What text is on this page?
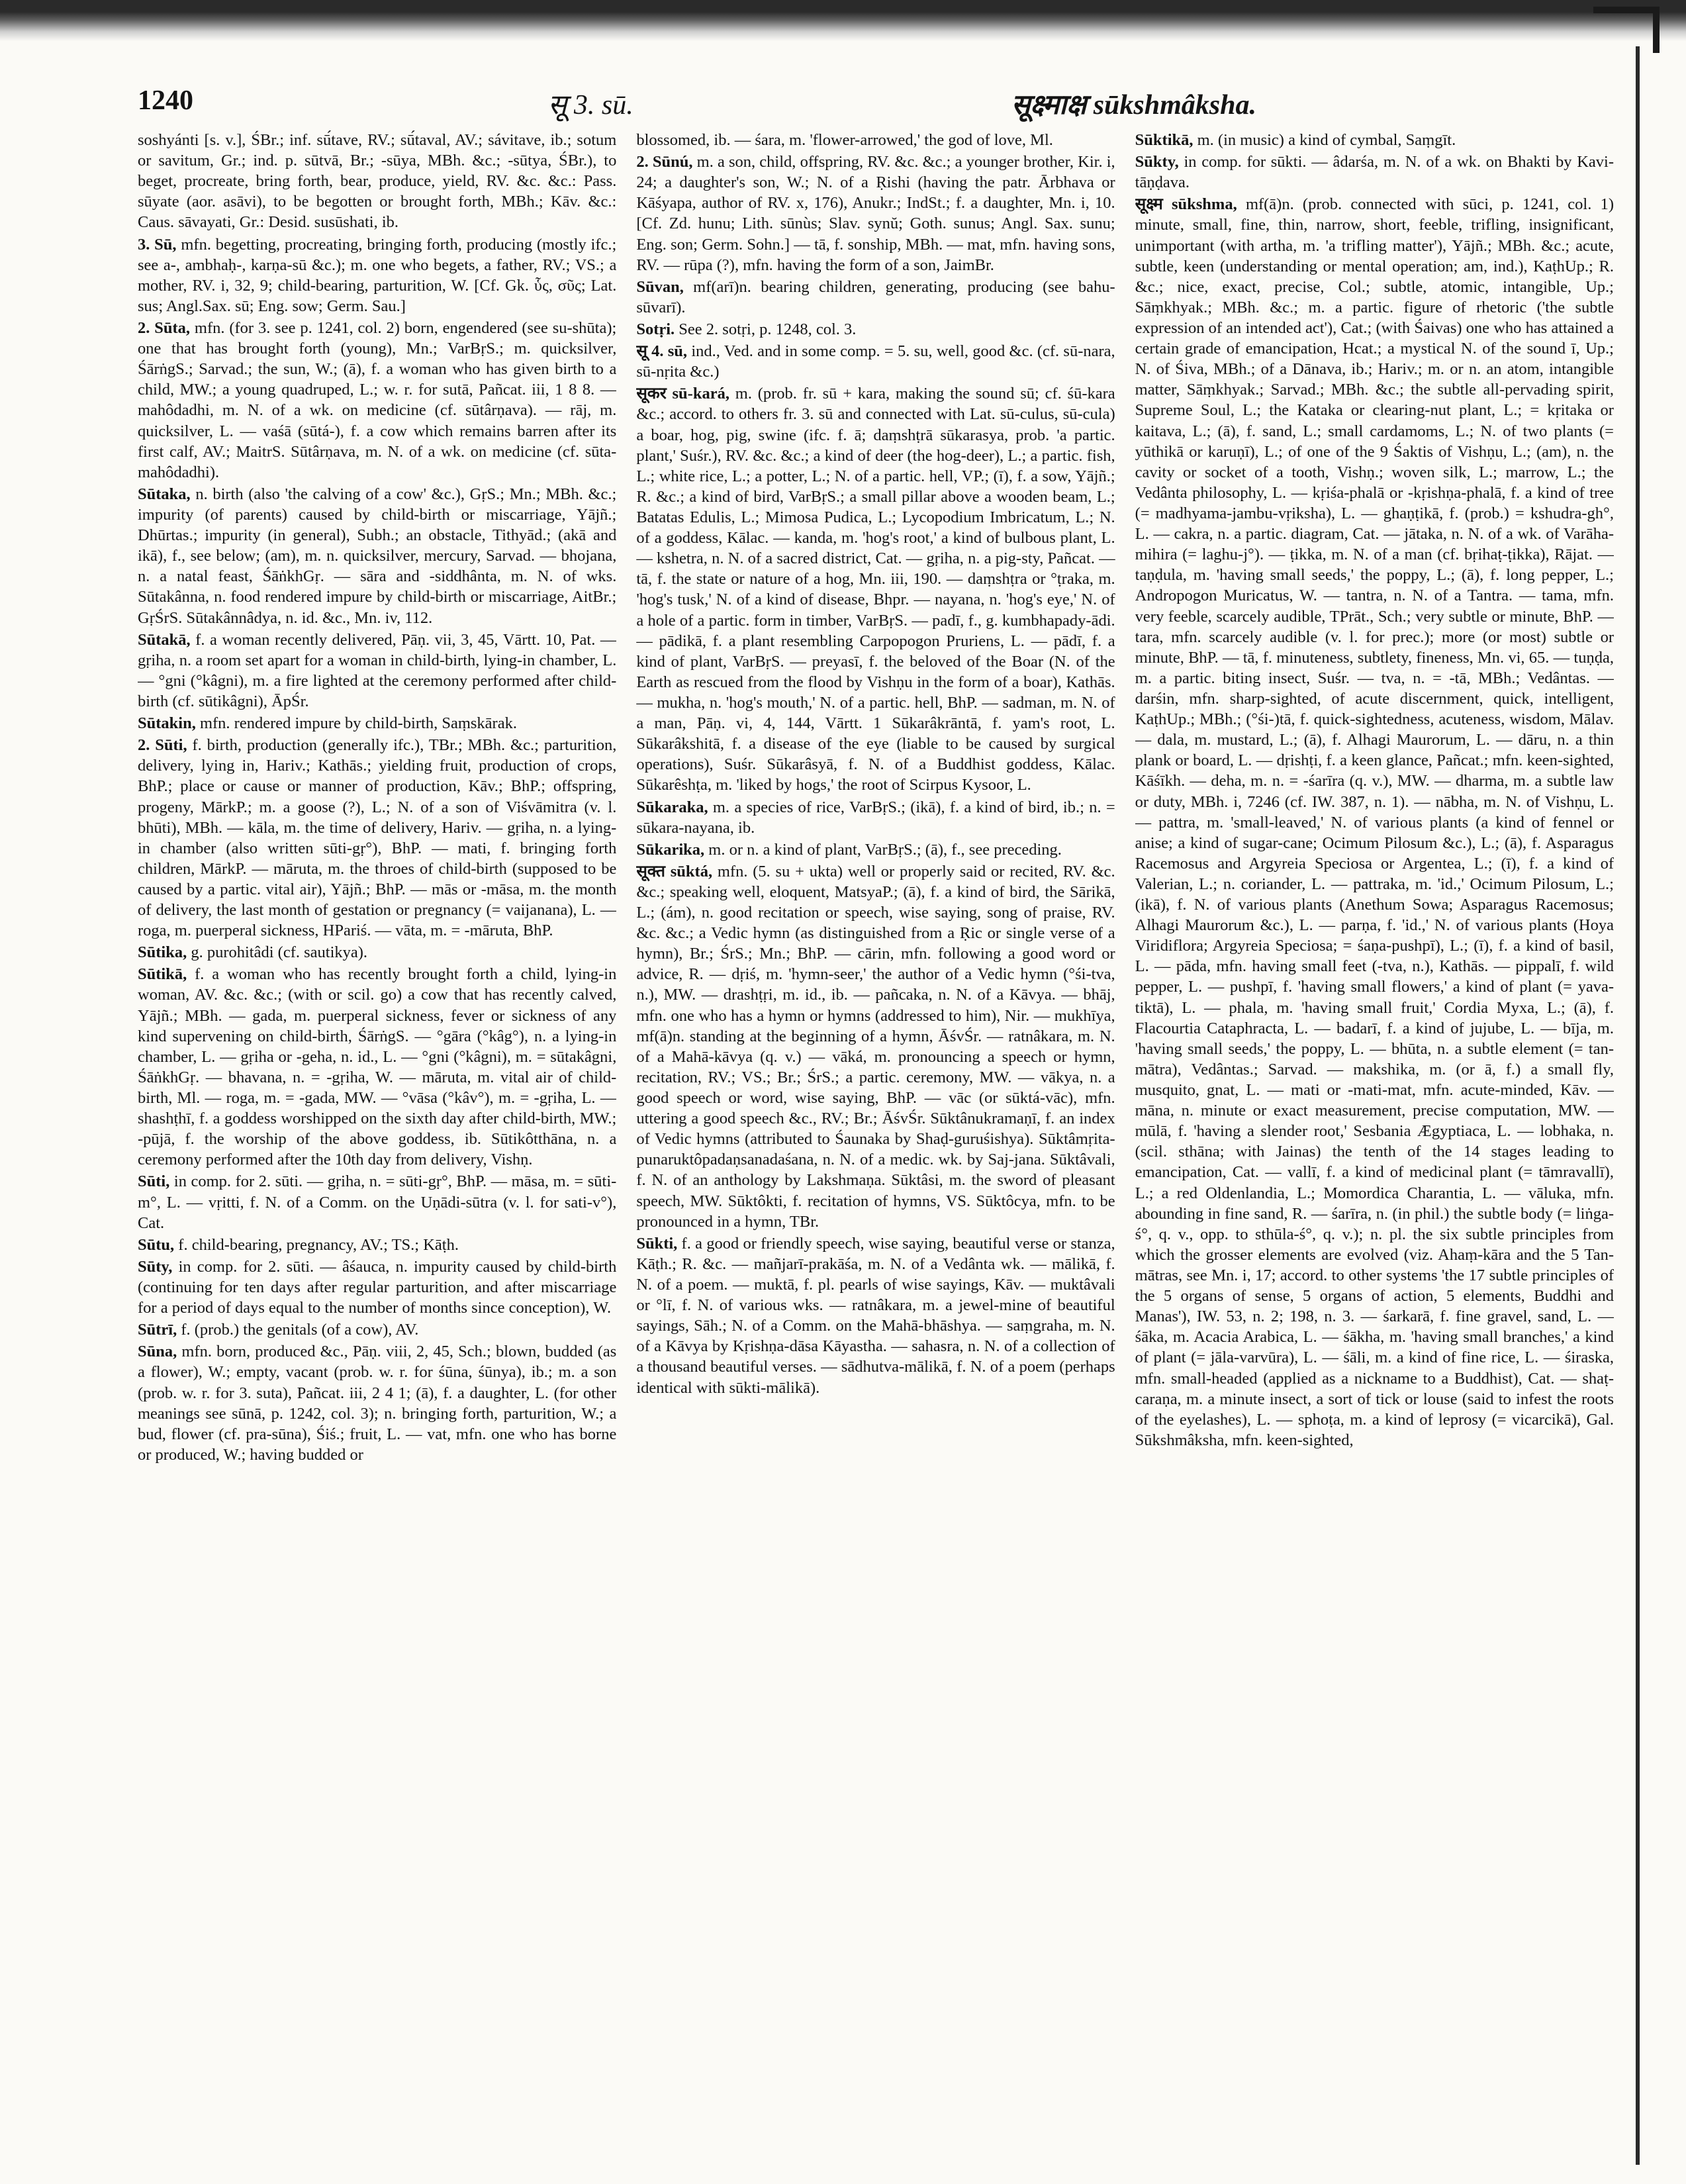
1240	सू 3. sū.	सूक्ष्माक्ष sūkshmâksha.

soshyánti [s. v.], ŚBr.; inf. sū́tave, RV.; sū́taval, AV.; sávitave, ib.; sotum or savitum, Gr.; ind. p. sūtvā, Br.; -sūya, MBh. &c.; -sūtya, ŚBr.), to beget, procreate, bring forth, bear, produce, yield, RV. &c. &c.: Pass. sūyate (aor. asāvi), to be begotten or brought forth, MBh.; Kāv. &c.: Caus. sāvayati, Gr.: Desid. susūshati, ib.

3. Sū, mfn. begetting, procreating, bringing forth, producing (mostly ifc.; see a-, ambhaḥ-, karṇa-sū &c.); m. one who begets, a father, RV.; VS.; a mother, RV. i, 32, 9; child-bearing, parturition, W. [Cf. Gk. ὗς, σῦς; Lat. sus; Angl.Sax. sū; Eng. sow; Germ. Sau.]

2. Sūta, mfn. (for 3. see p. 1241, col. 2) born, engendered (see su-shūta); one that has brought forth (young), Mn.; VarBṛS.; m. quicksilver, ŚārṅgS.; Sarvad.; the sun, W.; (ā), f. a woman who has given birth to a child, MW.; a young quadruped, L.; w. r. for sutā, Pañcat. iii, 1 8 8. — mahôdadhi, m. N. of a wk. on medicine (cf. sūtârṇava). — rāj, m. quicksilver, L. — vaśā (sūtá-), f. a cow which remains barren after its first calf, AV.; MaitrS. Sūtârṇava, m. N. of a wk. on medicine (cf. sūta-mahôdadhi).

Sūtaka, n. birth (also 'the calving of a cow' &c.), GṛS.; Mn.; MBh. &c.; impurity (of parents) caused by child-birth or miscarriage, Yājñ.; Dhūrtas.; impurity (in general), Subh.; an obstacle, Tithyād.; (akā and ikā), f., see below; (am), m. n. quicksilver, mercury, Sarvad. — bhojana, n. a natal feast, ŚāṅkhGṛ. — sāra and -siddhânta, m. N. of wks. Sūtakânna, n. food rendered impure by child-birth or miscarriage, AitBr.; GṛŚrS. Sūtakânnâdya, n. id. &c., Mn. iv, 112.

Sūtakā, f. a woman recently delivered, Pāṇ. vii, 3, 45, Vārtt. 10, Pat. — gṛiha, n. a room set apart for a woman in child-birth, lying-in chamber, L. — °gni (°kâgni), m. a fire lighted at the ceremony performed after child-birth (cf. sūtikâgni), ĀpŚr.

Sūtakin, mfn. rendered impure by child-birth, Saṃskārak.

2. Sūti, f. birth, production (generally ifc.), TBr.; MBh. &c.; parturition, delivery, lying in, Hariv.; Kathās.; yielding fruit, production of crops, BhP.; place or cause or manner of production, Kāv.; BhP.; offspring, progeny, MārkP.; m. a goose (?), L.; N. of a son of Viśvāmitra (v. l. bhūti), MBh. — kāla, m. the time of delivery, Hariv. — gṛiha, n. a lying-in chamber (also written sūti-gṛ°), BhP. — mati, f. bringing forth children, MārkP. — māruta, m. the throes of child-birth (supposed to be caused by a partic. vital air), Yājñ.; BhP. — mās or -māsa, m. the month of delivery, the last month of gestation or pregnancy (= vaijanana), L. — roga, m. puerperal sickness, HPariś. — vāta, m. = -māruta, BhP.

Sūtika, g. purohitâdi (cf. sautikya).

Sūtikā, f. a woman who has recently brought forth a child, lying-in woman, AV. &c. &c.; (with or scil. go) a cow that has recently calved, Yājñ.; MBh. — gada, m. puerperal sickness, fever or sickness of any kind supervening on child-birth, ŚārṅgS. — °gāra (°kâg°), n. a lying-in chamber, L. — gṛiha or -geha, n. id., L. — °gni (°kâgni), m. = sūtakâgni, ŚāṅkhGṛ. — bhavana, n. = -gṛiha, W. — māruta, m. vital air of child-birth, Ml. — roga, m. = -gada, MW. — °vāsa (°kâv°), m. = -gṛiha, L. — shashṭhī, f. a goddess worshipped on the sixth day after child-birth, MW.; -pūjā, f. the worship of the above goddess, ib. Sūtikôtthāna, n. a ceremony performed after the 10th day from delivery, Vishṇ.

Sūti, in comp. for 2. sūti. — gṛiha, n. = sūti-gṛ°, BhP. — māsa, m. = sūti-m°, L. — vṛitti, f. N. of a Comm. on the Uṇādi-sūtra (v. l. for sati-v°), Cat.

Sūtu, f. child-bearing, pregnancy, AV.; TS.; Kāṭh.

Sūty, in comp. for 2. sūti. — âśauca, n. impurity caused by child-birth (continuing for ten days after regular parturition, and after miscarriage for a period of days equal to the number of months since conception), W.

Sūtrī, f. (prob.) the genitals (of a cow), AV.

Sūna, mfn. born, produced &c., Pāṇ. viii, 2, 45, Sch.; blown, budded (as a flower), W.; empty, vacant (prob. w. r. for śūna, śūnya), ib.; m. a son (prob. w. r. for 3. suta), Pañcat. iii, 2 4 1; (ā), f. a daughter, L. (for other meanings see sūnā, p. 1242, col. 3); n. bringing forth, parturition, W.; a bud, flower (cf. pra-sūna), Śiś.; fruit, L. — vat, mfn. one who has borne or produced, W.; having budded or

blossomed, ib. — śara, m. 'flower-arrowed,' the god of love, Ml.

2. Sūnú, m. a son, child, offspring, RV. &c. &c.; a younger brother, Kir. i, 24; a daughter's son, W.; N. of a Ṛishi (having the patr. Ārbhava or Kāśyapa, author of RV. x, 176), Anukr.; IndSt.; f. a daughter, Mn. i, 10. [Cf. Zd. hunu; Lith. sūnùs; Slav. synŭ; Goth. sunus; Angl. Sax. sunu; Eng. son; Germ. Sohn.] — tā, f. sonship, MBh. — mat, mfn. having sons, RV. — rūpa (?), mfn. having the form of a son, JaimBr.

Sūvan, mf(arī)n. bearing children, generating, producing (see bahu-sūvarī).

Sotṛi. See 2. sotṛi, p. 1248, col. 3.

सू 4. sū, ind., Ved. and in some comp. = 5. su, well, good &c. (cf. sū-nara, sū-nṛita &c.)

सूकर sū-kará, m. (prob. fr. sū + kara, making the sound sū; cf. śū-kara &c.; accord. to others fr. 3. sū and connected with Lat. sū-culus, sū-cula) a boar, hog, pig, swine (ifc. f. ā; daṃshṭrā sūkarasya, prob. 'a partic. plant,' Suśr.), RV. &c. &c.; a kind of deer (the hog-deer), L.; a partic. fish, L.; white rice, L.; a potter, L.; N. of a partic. hell, VP.; (ī), f. a sow, Yājñ.; R. &c.; a kind of bird, VarBṛS.; a small pillar above a wooden beam, L.; Batatas Edulis, L.; Mimosa Pudica, L.; Lycopodium Imbricatum, L.; N. of a goddess, Kālac. — kanda, m. 'hog's root,' a kind of bulbous plant, L. — kshetra, n. N. of a sacred district, Cat. — gṛiha, n. a pig-sty, Pañcat. — tā, f. the state or nature of a hog, Mn. iii, 190. — daṃshṭra or °ṭraka, m. 'hog's tusk,' N. of a kind of disease, Bhpr. — nayana, n. 'hog's eye,' N. of a hole of a partic. form in timber, VarBṛS. — padī, f., g. kumbhapady-ādi. — pādikā, f. a plant resembling Carpopogon Pruriens, L. — pādī, f. a kind of plant, VarBṛS. — preyasī, f. the beloved of the Boar (N. of the Earth as rescued from the flood by Vishṇu in the form of a boar), Kathās. — mukha, n. 'hog's mouth,' N. of a partic. hell, BhP. — sadman, m. N. of a man, Pāṇ. vi, 4, 144, Vārtt. 1 Sūkarâkrāntā, f. yam's root, L. Sūkarâkshitā, f. a disease of the eye (liable to be caused by surgical operations), Suśr. Sūkarâsyā, f. N. of a Buddhist goddess, Kālac. Sūkarêshṭa, m. 'liked by hogs,' the root of Scirpus Kysoor, L.

Sūkaraka, m. a species of rice, VarBṛS.; (ikā), f. a kind of bird, ib.; n. = sūkara-nayana, ib.

Sūkarika, m. or n. a kind of plant, VarBṛS.; (ā), f., see preceding.

सूक्त sūktá, mfn. (5. su + ukta) well or properly said or recited, RV. &c. &c.; speaking well, eloquent, MatsyaP.; (ā), f. a kind of bird, the Sārikā, L.; (ám), n. good recitation or speech, wise saying, song of praise, RV. &c. &c.; a Vedic hymn (as distinguished from a Ṛic or single verse of a hymn), Br.; ŚrS.; Mn.; BhP. — cārin, mfn. following a good word or advice, R. — dṛiś, m. 'hymn-seer,' the author of a Vedic hymn (°śi-tva, n.), MW. — drashṭṛi, m. id., ib. — pañcaka, n. N. of a Kāvya. — bhāj, mfn. one who has a hymn or hymns (addressed to him), Nir. — mukhīya, mf(ā)n. standing at the beginning of a hymn, ĀśvŚr. — ratnâkara, m. N. of a Mahā-kāvya (q. v.) — vāká, m. pronouncing a speech or hymn, recitation, RV.; VS.; Br.; ŚrS.; a partic. ceremony, MW. — vākya, n. a good speech or word, wise saying, BhP. — vāc (or sūktá-vāc), mfn. uttering a good speech &c., RV.; Br.; ĀśvŚr. Sūktânukramaṇī, f. an index of Vedic hymns (attributed to Śaunaka by Shaḍ-guruśishya). Sūktâmṛita-punaruktôpadaṇsanadaśana, n. N. of a medic. wk. by Saj-jana. Sūktâvali, f. N. of an anthology by Lakshmaṇa. Sūktâsi, m. the sword of pleasant speech, MW. Sūktôkti, f. recitation of hymns, VS. Sūktôcya, mfn. to be pronounced in a hymn, TBr.

Sūkti, f. a good or friendly speech, wise saying, beautiful verse or stanza, Kāṭh.; R. &c. — mañjarī-prakāśa, m. N. of a Vedânta wk. — mālikā, f. N. of a poem. — muktā, f. pl. pearls of wise sayings, Kāv. — muktâvali or °lī, f. N. of various wks. — ratnâkara, m. a jewel-mine of beautiful sayings, Sāh.; N. of a Comm. on the Mahā-bhāshya. — saṃgraha, m. N. of a Kāvya by Kṛishṇa-dāsa Kāyastha. — sahasra, n. N. of a collection of a thousand beautiful verses. — sādhutva-mālikā, f. N. of a poem (perhaps identical with sūkti-mālikā).

Sūktikā, m. (in music) a kind of cymbal, Saṃgīt.

Sūkty, in comp. for sūkti. — âdarśa, m. N. of a wk. on Bhakti by Kavi-tāṇḍava.

सूक्ष्म sūkshma, mf(ā)n. (prob. connected with sūci, p. 1241, col. 1) minute, small, fine, thin, narrow, short, feeble, trifling, insignificant, unimportant (with artha, m. 'a trifling matter'), Yājñ.; MBh. &c.; acute, subtle, keen (understanding or mental operation; am, ind.), KaṭhUp.; R. &c.; nice, exact, precise, Col.; subtle, atomic, intangible, Up.; Sāṃkhyak.; MBh. &c.; m. a partic. figure of rhetoric ('the subtle expression of an intended act'), Cat.; (with Śaivas) one who has attained a certain grade of emancipation, Hcat.; a mystical N. of the sound ī, Up.; N. of Śiva, MBh.; of a Dānava, ib.; Hariv.; m. or n. an atom, intangible matter, Sāṃkhyak.; Sarvad.; MBh. &c.; the subtle all-pervading spirit, Supreme Soul, L.; the Kataka or clearing-nut plant, L.; = kṛitaka or kaitava, L.; (ā), f. sand, L.; small cardamoms, L.; N. of two plants (= yūthikā or karuṇī), L.; of one of the 9 Śaktis of Vishṇu, L.; (am), n. the cavity or socket of a tooth, Vishṇ.; woven silk, L.; marrow, L.; the Vedânta philosophy, L. — kṛiśa-phalā or -kṛishṇa-phalā, f. a kind of tree (= madhyama-jambu-vṛiksha), L. — ghaṇṭikā, f. (prob.) = kshudra-gh°, L. — cakra, n. a partic. diagram, Cat. — jātaka, n. N. of a wk. of Varāha-mihira (= laghu-j°). — ṭikka, m. N. of a man (cf. bṛihaṭ-ṭikka), Rājat. — taṇḍula, m. 'having small seeds,' the poppy, L.; (ā), f. long pepper, L.; Andropogon Muricatus, W. — tantra, n. N. of a Tantra. — tama, mfn. very feeble, scarcely audible, TPrāt., Sch.; very subtle or minute, BhP. — tara, mfn. scarcely audible (v. l. for prec.); more (or most) subtle or minute, BhP. — tā, f. minuteness, subtlety, fineness, Mn. vi, 65. — tuṇḍa, m. a partic. biting insect, Suśr. — tva, n. = -tā, MBh.; Vedântas. — darśin, mfn. sharp-sighted, of acute discernment, quick, intelligent, KaṭhUp.; MBh.; (°śi-)tā, f. quick-sightedness, acuteness, wisdom, Mālav. — dala, m. mustard, L.; (ā), f. Alhagi Maurorum, L. — dāru, n. a thin plank or board, L. — dṛishṭi, f. a keen glance, Pañcat.; mfn. keen-sighted, Kāśīkh. — deha, m. n. = -śarīra (q. v.), MW. — dharma, m. a subtle law or duty, MBh. i, 7246 (cf. IW. 387, n. 1). — nābha, m. N. of Vishṇu, L. — pattra, m. 'small-leaved,' N. of various plants (a kind of fennel or anise; a kind of sugar-cane; Ocimum Pilosum &c.), L.; (ā), f. Asparagus Racemosus and Argyreia Speciosa or Argentea, L.; (ī), f. a kind of Valerian, L.; n. coriander, L. — pattraka, m. 'id.,' Ocimum Pilosum, L.; (ikā), f. N. of various plants (Anethum Sowa; Asparagus Racemosus; Alhagi Maurorum &c.), L. — parṇa, f. 'id.,' N. of various plants (Hoya Viridiflora; Argyreia Speciosa; = śaṇa-pushpī), L.; (ī), f. a kind of basil, L. — pāda, mfn. having small feet (-tva, n.), Kathās. — pippalī, f. wild pepper, L. — pushpī, f. 'having small flowers,' a kind of plant (= yava-tiktā), L. — phala, m. 'having small fruit,' Cordia Myxa, L.; (ā), f. Flacourtia Cataphracta, L. — badarī, f. a kind of jujube, L. — bīja, m. 'having small seeds,' the poppy, L. — bhūta, n. a subtle element (= tan-mātra), Vedântas.; Sarvad. — makshika, m. (or ā, f.) a small fly, musquito, gnat, L. — mati or -mati-mat, mfn. acute-minded, Kāv. — māna, n. minute or exact measurement, precise computation, MW. — mūlā, f. 'having a slender root,' Sesbania Ægyptiaca, L. — lobhaka, n. (scil. sthāna; with Jainas) the tenth of the 14 stages leading to emancipation, Cat. — vallī, f. a kind of medicinal plant (= tāmravallī), L.; a red Oldenlandia, L.; Momordica Charantia, L. — vāluka, mfn. abounding in fine sand, R. — śarīra, n. (in phil.) the subtle body (= liṅga-ś°, q. v., opp. to sthūla-ś°, q. v.); n. pl. the six subtle principles from which the grosser elements are evolved (viz. Ahaṃ-kāra and the 5 Tan-mātras, see Mn. i, 17; accord. to other systems 'the 17 subtle principles of the 5 organs of sense, 5 organs of action, 5 elements, Buddhi and Manas'), IW. 53, n. 2; 198, n. 3. — śarkarā, f. fine gravel, sand, L. — śāka, m. Acacia Arabica, L. — śākha, m. 'having small branches,' a kind of plant (= jāla-varvūra), L. — śāli, m. a kind of fine rice, L. — śiraska, mfn. small-headed (applied as a nickname to a Buddhist), Cat. — shaṭ-caraṇa, m. a minute insect, a sort of tick or louse (said to infest the roots of the eyelashes), L. — sphoṭa, m. a kind of leprosy (= vicarcikā), Gal. Sūkshmâksha, mfn. keen-sighted,
